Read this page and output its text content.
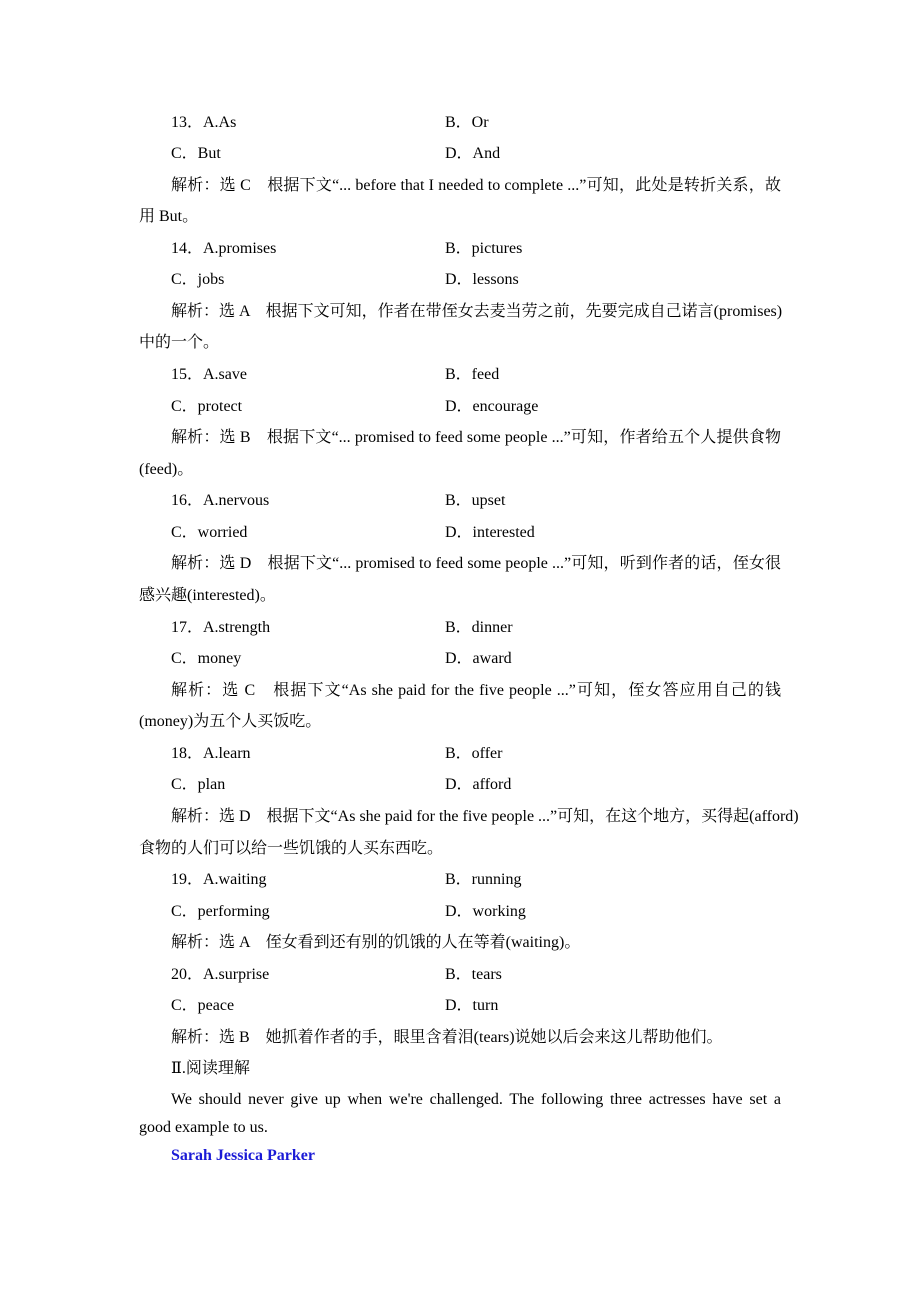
13．A.As	B．Or
C．But	D．And
解析：选 C　根据下文“... before that I needed to complete ...”可知，此处是转折关系，故
用 But。
14．A.promises	B．pictures
C．jobs	D．lessons
解析：选 A　根据下文可知，作者在带侄女去麦当劳之前，先要完成自己诺言(promises)
中的一个。
15．A.save	B．feed
C．protect	D．encourage
解析：选 B　根据下文“... promised to feed some people ...”可知，作者给五个人提供食物
(feed)。
16．A.nervous	B．upset
C．worried	D．interested
解析：选 D　根据下文“... promised to feed some people ...”可知，听到作者的话，侄女很
感兴趣(interested)。
17．A.strength	B．dinner
C．money	D．award
解析：选 C　根据下文“As she paid for the five people ...”可知，侄女答应用自己的钱
(money)为五个人买饭吃。
18．A.learn	B．offer
C．plan	D．afford
解析：选 D　根据下文“As she paid for the five people ...”可知，在这个地方，买得起(afford)
食物的人们可以给一些饥饿的人买东西吃。
19．A.waiting	B．running
C．performing	D．working
解析：选 A　侄女看到还有别的饥饿的人在等着(waiting)。
20．A.surprise	B．tears
C．peace	D．turn
解析：选 B　她抓着作者的手，眼里含着泪(tears)说她以后会来这儿帮助他们。
Ⅱ.阅读理解
We should never give up when we're challenged. The following three actresses have set a
good example to us.
Sarah Jessica Parker
